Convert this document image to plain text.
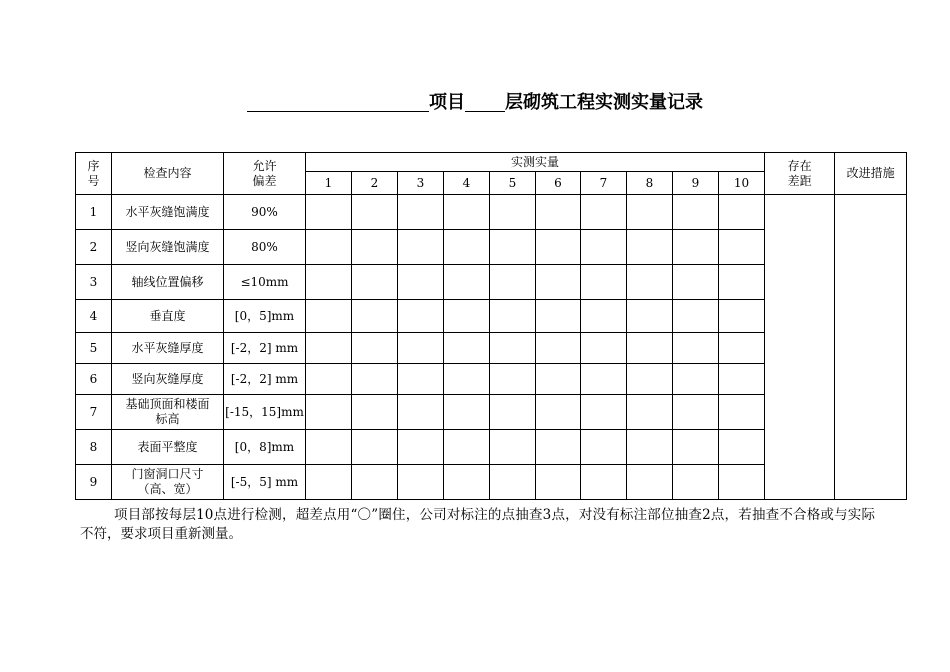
项目 层砌筑工程实测实量记录
序号	检查内容	允许偏差	实测实量										存在差距	改进措施
			1	2	3	4	5	6	7	8	9	10		
1	水平灰缝饱满度	90%												
2	竖向灰缝饱满度	80%												
3	轴线位置偏移	≤10mm												
4	垂直度	[0，5]mm												
5	水平灰缝厚度	[-2，2] mm												
6	竖向灰缝厚度	[-2，2] mm												
7	基础顶面和楼面标高	[-15，15]mm												
8	表面平整度	[0，8]mm												
9	门窗洞口尺寸（高、宽）	[-5，5] mm												
项目部按每层10点进行检测，超差点用“〇”圈住，公司对标注的点抽查3点，对没有标注部位抽查2点，若抽查不合格或与实际不符，要求项目重新测量。
